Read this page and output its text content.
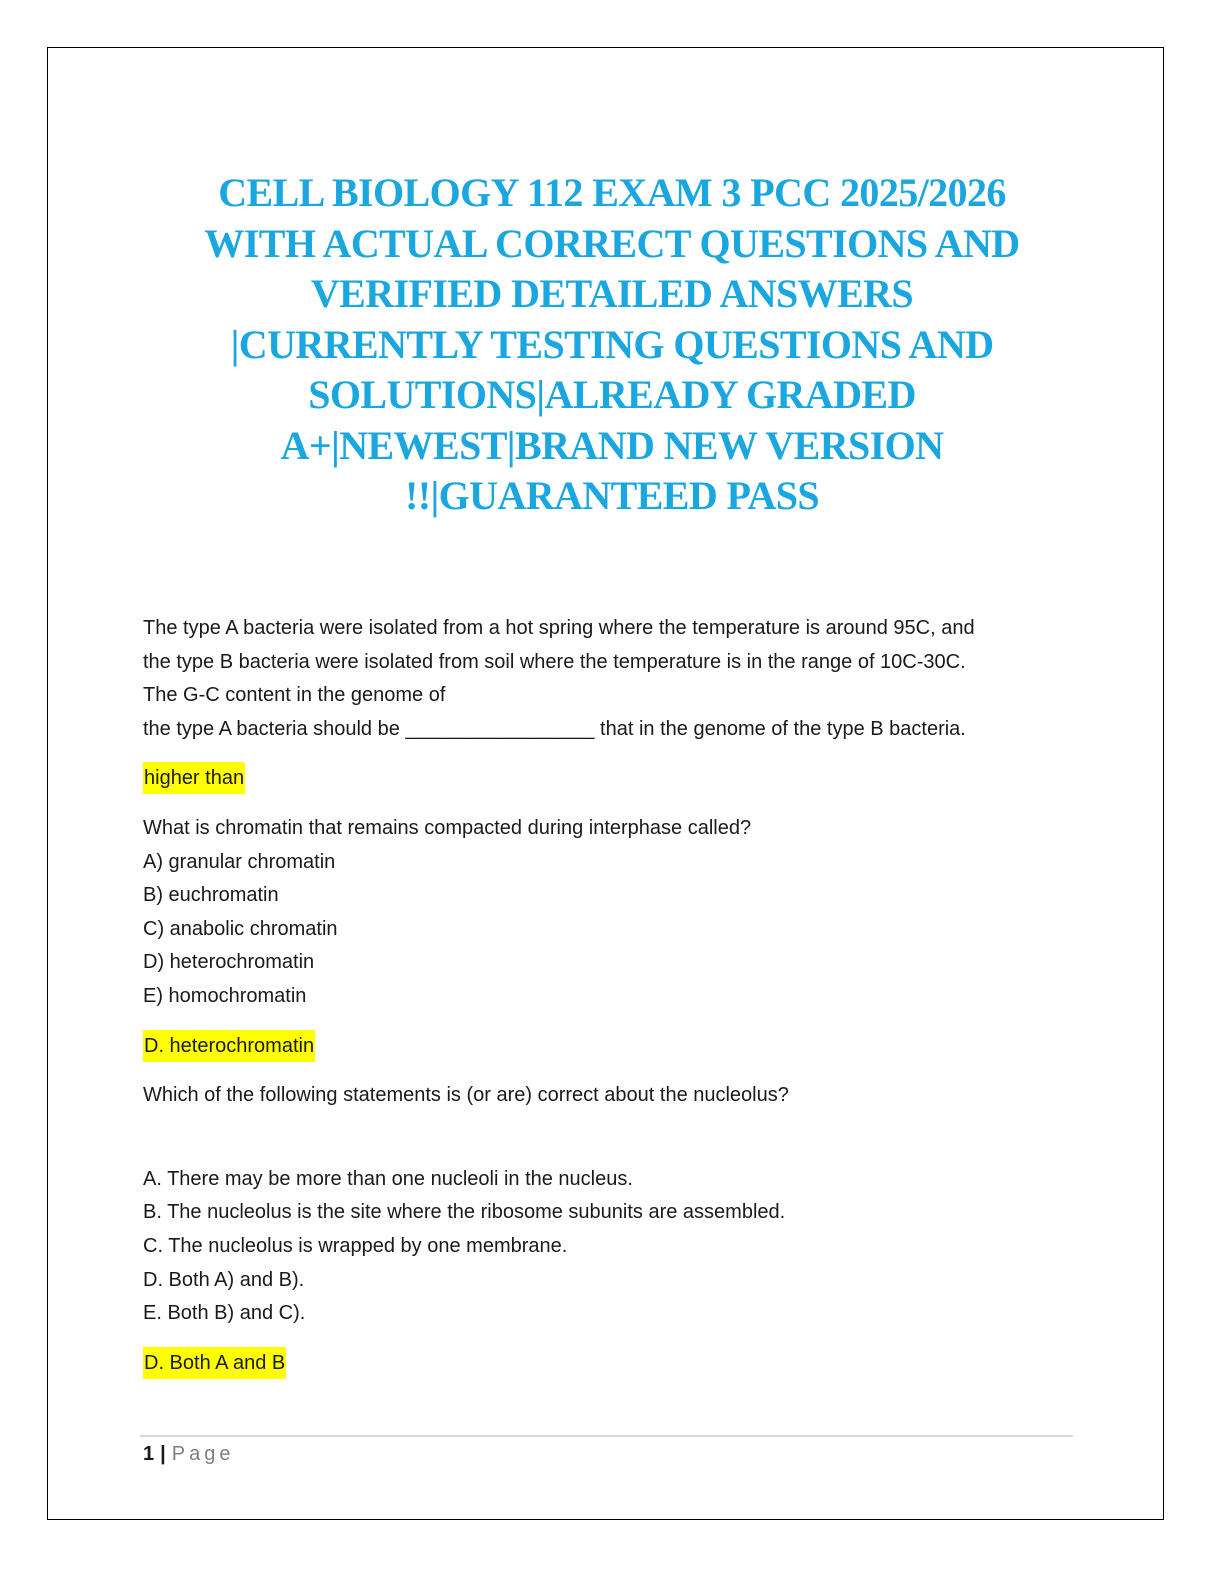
CELL BIOLOGY 112 EXAM 3 PCC 2025/2026
WITH ACTUAL CORRECT QUESTIONS AND
VERIFIED DETAILED ANSWERS
|CURRENTLY TESTING QUESTIONS AND
SOLUTIONS|ALREADY GRADED
A+|NEWEST|BRAND NEW VERSION
!!|GUARANTEED PASS

The type A bacteria were isolated from a hot spring where the temperature is around 95C, and

the type B bacteria were isolated from soil where the temperature is in the range of 10C-30C.

The G-C content in the genome of

the type A bacteria should be _________________ that in the genome of the type B bacteria.

higher than

What is chromatin that remains compacted during interphase called?

A) granular chromatin

B) euchromatin

C) anabolic chromatin

D) heterochromatin

E) homochromatin

D. heterochromatin

Which of the following statements is (or are) correct about the nucleolus?

A. There may be more than one nucleoli in the nucleus.

B. The nucleolus is the site where the ribosome subunits are assembled.

C. The nucleolus is wrapped by one membrane.

D. Both A) and B).

E. Both B) and C).

D. Both A and B

1 | Page
